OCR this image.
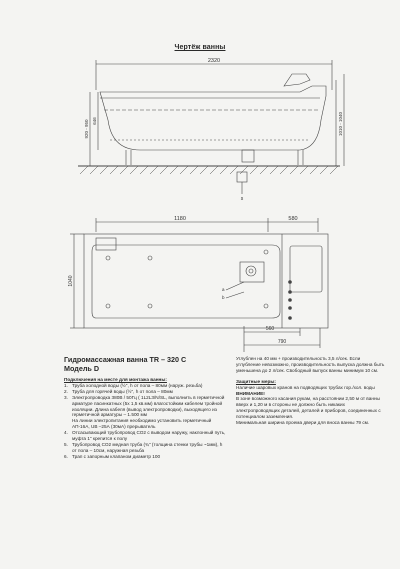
Чертёж ванны
2320
646
920 - 950	1010 - 1040
s
1180	580
1040
560
790
a
b
Гидромассажная ванна TR – 320 C
Модель D
Подключения на месте для монтажа ванны:
1. Труба холодной воды (½", h от пола – 80мм (наруж. резьба)
2. Труба для горячей воды (½", h от пола – 80мм
3. Электропроводка 380В / 50Гц ( 1L2L3/N/SL, выполнить в герметичной арматуре пасинкатных (5х 1,5 кв.мм) влагостойким кабелем тройной изоляции. Длина кабеля (вывод электропроводки), выходящего из герметичной арматуры – 1.500 мм
На линии электропитания необходимо установить герметичный АП-16А, UB –25А (30мА) прерыватель
4. Отсасывающий трубопровод СО2 с выводом наружу, наклонный путь, муфта 1" крепится к полу
5. Трубопровод СО2 медная труба (¾" (толщина стенки трубы ~1мм), h от пола – 10см, наружная резьба
6. Трап с запорным клапаном диаметр 100

Углублен на 40 мм + производительность 3,5 л/сек. Если углубление невозможно, производительность выпуска должна быть уменьшена до 2 л/сек. Свободный выпуск ванны минимум 10 см.

Защитные меры:

Наличие шаровых кранов на подводящих трубах гор./хол. воды

ВНИМАНИЕ!

В зоне возможного касания рукам, на расстоянии 2,50 м от ванны вверх и 1,20 м в стороны не должно быть никаких электропроводящих деталей, деталей и приборов, соединенных с потенциалом заземления.

Минимальная ширина проема двери для вноса ванны 79 см.
